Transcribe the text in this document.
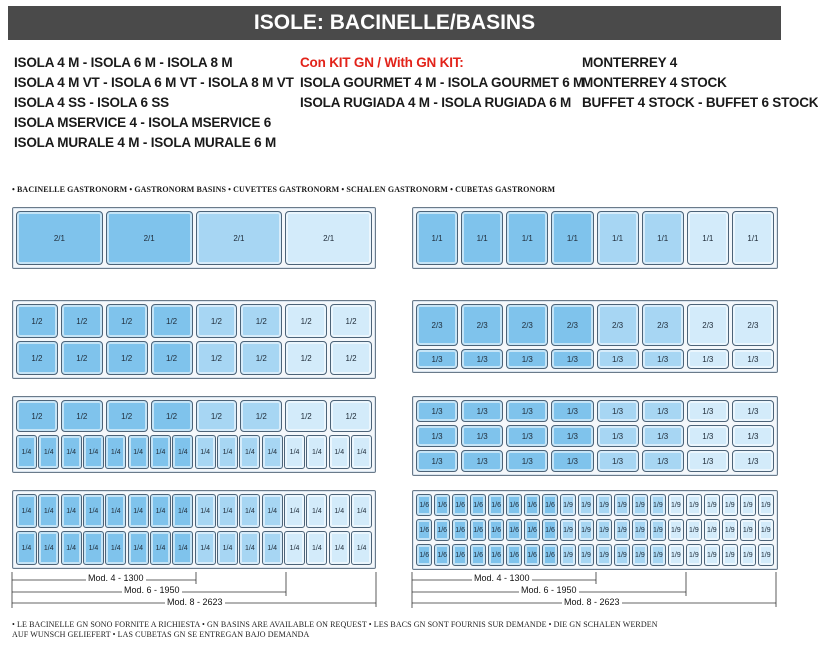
ISOLE: BACINELLE/BASINS
ISOLA 4 M - ISOLA 6 M - ISOLA 8 M
ISOLA 4 M VT - ISOLA 6 M VT - ISOLA 8 M VT
ISOLA 4 SS - ISOLA 6 SS
ISOLA MSERVICE 4 - ISOLA MSERVICE 6
ISOLA MURALE 4 M - ISOLA MURALE 6 M
Con KIT GN / With GN KIT:
ISOLA GOURMET 4 M - ISOLA GOURMET 6 M
ISOLA RUGIADA 4 M - ISOLA RUGIADA 6 M
MONTERREY 4
MONTERREY 4 STOCK
BUFFET 4 STOCK - BUFFET 6 STOCK
• BACINELLE GASTRONORM • GASTRONORM BASINS • CUVETTES GASTRONORM • SCHALEN GASTRONORM • CUBETAS GASTRONORM
2/1	2/1	2/1	2/1
1/2	1/2	1/2	1/2	1/2	1/2	1/2	1/2
1/2	1/2	1/2	1/2	1/2	1/2	1/2	1/2
1/2	1/2	1/2	1/2	1/2	1/2	1/2	1/2
1/4	1/4	1/4	1/4	1/4	1/4	1/4	1/4	1/4	1/4	1/4	1/4	1/4	1/4	1/4	1/4
1/4	1/4	1/4	1/4	1/4	1/4	1/4	1/4	1/4	1/4	1/4	1/4	1/4	1/4	1/4	1/4
1/4	1/4	1/4	1/4	1/4	1/4	1/4	1/4	1/4	1/4	1/4	1/4	1/4	1/4	1/4	1/4
1/1	1/1	1/1	1/1	1/1	1/1	1/1	1/1
2/3	2/3	2/3	2/3	2/3	2/3	2/3	2/3
1/3	1/3	1/3	1/3	1/3	1/3	1/3	1/3
1/3	1/3	1/3	1/3	1/3	1/3	1/3	1/3
1/3	1/3	1/3	1/3	1/3	1/3	1/3	1/3
1/3	1/3	1/3	1/3	1/3	1/3	1/3	1/3
1/6	1/6	1/6	1/6	1/6	1/6	1/6	1/6	1/9	1/9	1/9	1/9	1/9	1/9	1/9	1/9	1/9	1/9	1/9	1/9
1/6	1/6	1/6	1/6	1/6	1/6	1/6	1/6	1/9	1/9	1/9	1/9	1/9	1/9	1/9	1/9	1/9	1/9	1/9	1/9
1/6	1/6	1/6	1/6	1/6	1/6	1/6	1/6	1/9	1/9	1/9	1/9	1/9	1/9	1/9	1/9	1/9	1/9	1/9	1/9
Mod. 4 - 1300
Mod. 6 - 1950
Mod. 8 - 2623
Mod. 4 - 1300
Mod. 6 - 1950
Mod. 8 - 2623
• LE BACINELLE GN SONO FORNITE A RICHIESTA • GN BASINS ARE AVAILABLE ON REQUEST • LES BACS GN SONT FOURNIS SUR DEMANDE • DIE GN SCHALEN WERDEN
AUF WUNSCH GELIEFERT • LAS CUBETAS GN SE ENTREGAN BAJO DEMANDA
